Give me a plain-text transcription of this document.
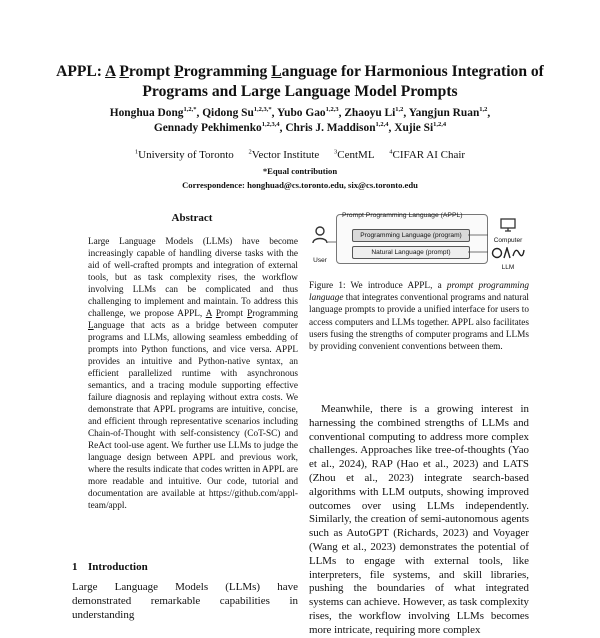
APPL: A Prompt Programming Language for Harmonious Integration of Programs and Large Language Model Prompts
Honghua Dong$^{1,2,*}$, Qidong $Su^{1,2,3,*}$, Yubo Gao$^{1,2,3}$, Zhaoyu Li$^{1,2}$, Yangjun Ruan$^{1,2}$,
Gennady Pekhimenko$^{1,2,3,4}$, Chris J. Maddison$^{1,2,4}$, Xujie Si$^{1,2,4}$
$^1$University of Toronto $^2$Vector Institute $^3$CentML $^4$CIFAR AI Chair
*Equal contribution
Correspondence: honghuad@cs.toronto.edu, six@cs.toronto.edu
Abstract

Large Language Models (LLMs) have become increasingly capable of handling diverse tasks with the aid of well-crafted prompts and integration of external tools, but as task complexity rises, the workflow involving LLMs can be complicated and thus challenging to implement and maintain. To address this challenge, we propose APPL, A Prompt Programming Language that acts as a bridge between computer programs and LLMs, allowing seamless embedding of prompts into Python functions, and vice versa. APPL provides an intuitive and Python-native syntax, an efficient parallelized runtime with asynchronous semantics, and a tracing module supporting effective failure diagnosis and replaying without extra costs. We demonstrate that APPL programs are intuitive, concise, and efficient through representative scenarios including Chain-of-Thought with self-consistency (CoT-SC) and ReAct tool-use agent. We further use LLMs to judge the language design between APPL and previous work, where the results indicate that codes written in APPL are more readable and intuitive. Our code, tutorial and documentation are available at https://github.com/appl-team/appl.

1 Introduction
Large Language Models (LLMs) have demonstrated remarkable capabilities in understanding

User
Prompt Programming Language (APPL)
Programming Language (program)
Natural Language (prompt)
Computer
LLM
Figure 1: We introduce APPL, a prompt programming language that integrates conventional programs and natural language prompts to provide a unified interface for users to access computers and LLMs together. APPL also facilitates users fusing the strengths of computer programs and LLMs by providing convenient conventions between them.

Meanwhile, there is a growing interest in harnessing the combined strengths of LLMs and conventional computing to address more complex challenges. Approaches like tree-of-thoughts (Yao et al., 2024), RAP (Hao et al., 2023) and LATS (Zhou et al., 2023) integrate search-based algorithms with LLM outputs, showing improved outcomes over using LLMs independently. Similarly, the creation of semi-autonomous agents such as AutoGPT (Richards, 2023) and Voyager (Wang et al., 2023) demonstrates the potential of LLMs to engage with external tools, like interpreters, file systems, and skill libraries, pushing the boundaries of what integrated systems can achieve. However, as task complexity rises, the workflow involving LLMs becomes more intricate, requiring more complex
